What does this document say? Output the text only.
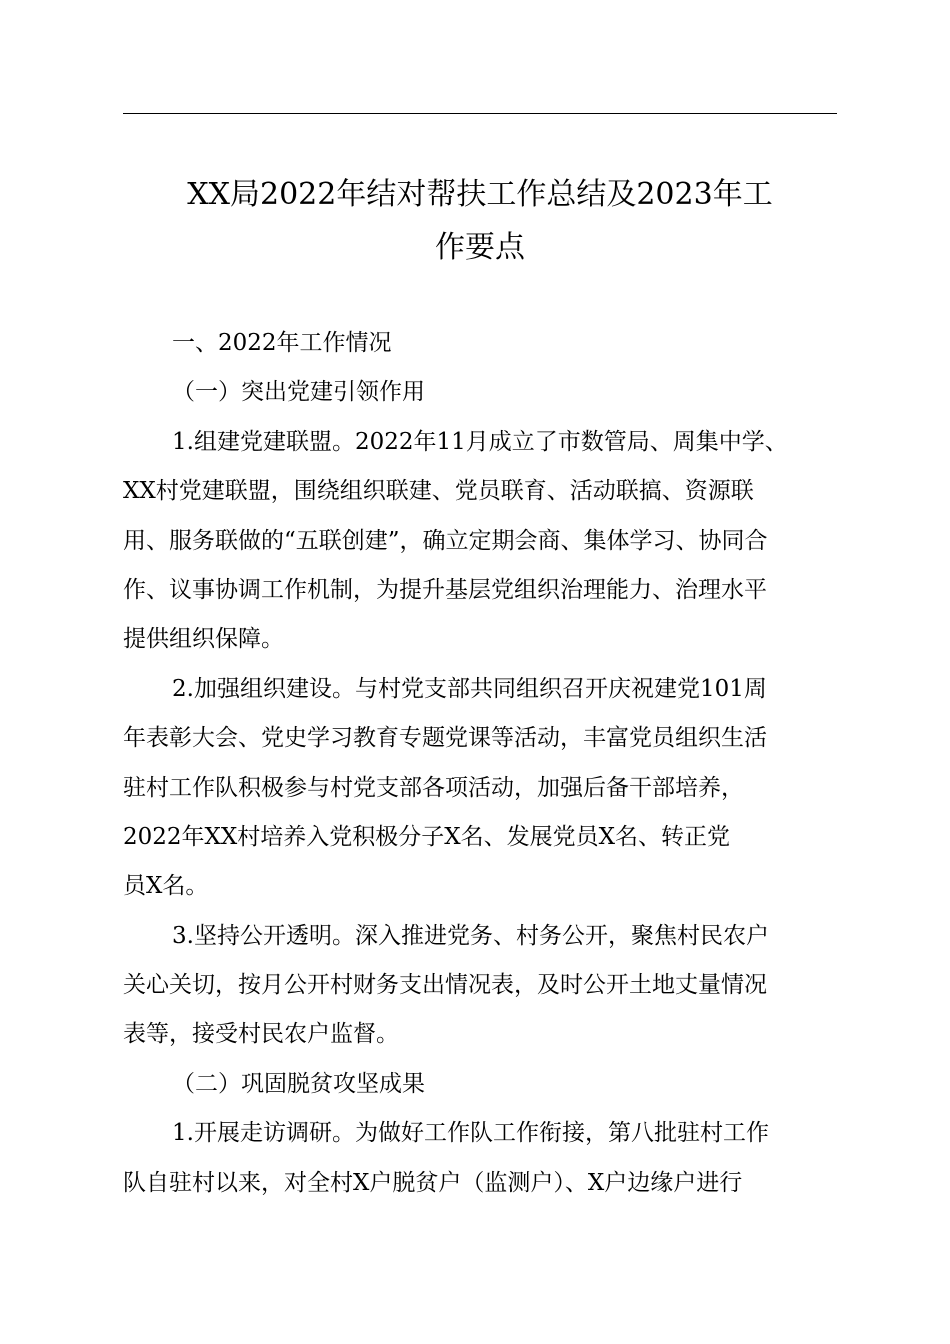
XX局2022年结对帮扶工作总结及2023年工
作要点
一、2022年工作情况
（一）突出党建引领作用
1.组建党建联盟。2022年11月成立了市数管局、周集中学、
XX村党建联盟，围绕组织联建、党员联育、活动联搞、资源联
用、服务联做的“五联创建”，确立定期会商、集体学习、协同合
作、议事协调工作机制，为提升基层党组织治理能力、治理水平
提供组织保障。
2.加强组织建设。与村党支部共同组织召开庆祝建党101周
年表彰大会、党史学习教育专题党课等活动，丰富党员组织生活
驻村工作队积极参与村党支部各项活动，加强后备干部培养，
2022年XX村培养入党积极分子X名、发展党员X名、转正党
员X名。
3.坚持公开透明。深入推进党务、村务公开，聚焦村民农户
关心关切，按月公开村财务支出情况表，及时公开土地丈量情况
表等，接受村民农户监督。
（二）巩固脱贫攻坚成果
1.开展走访调研。为做好工作队工作衔接，第八批驻村工作
队自驻村以来，对全村X户脱贫户（监测户）、X户边缘户进行
